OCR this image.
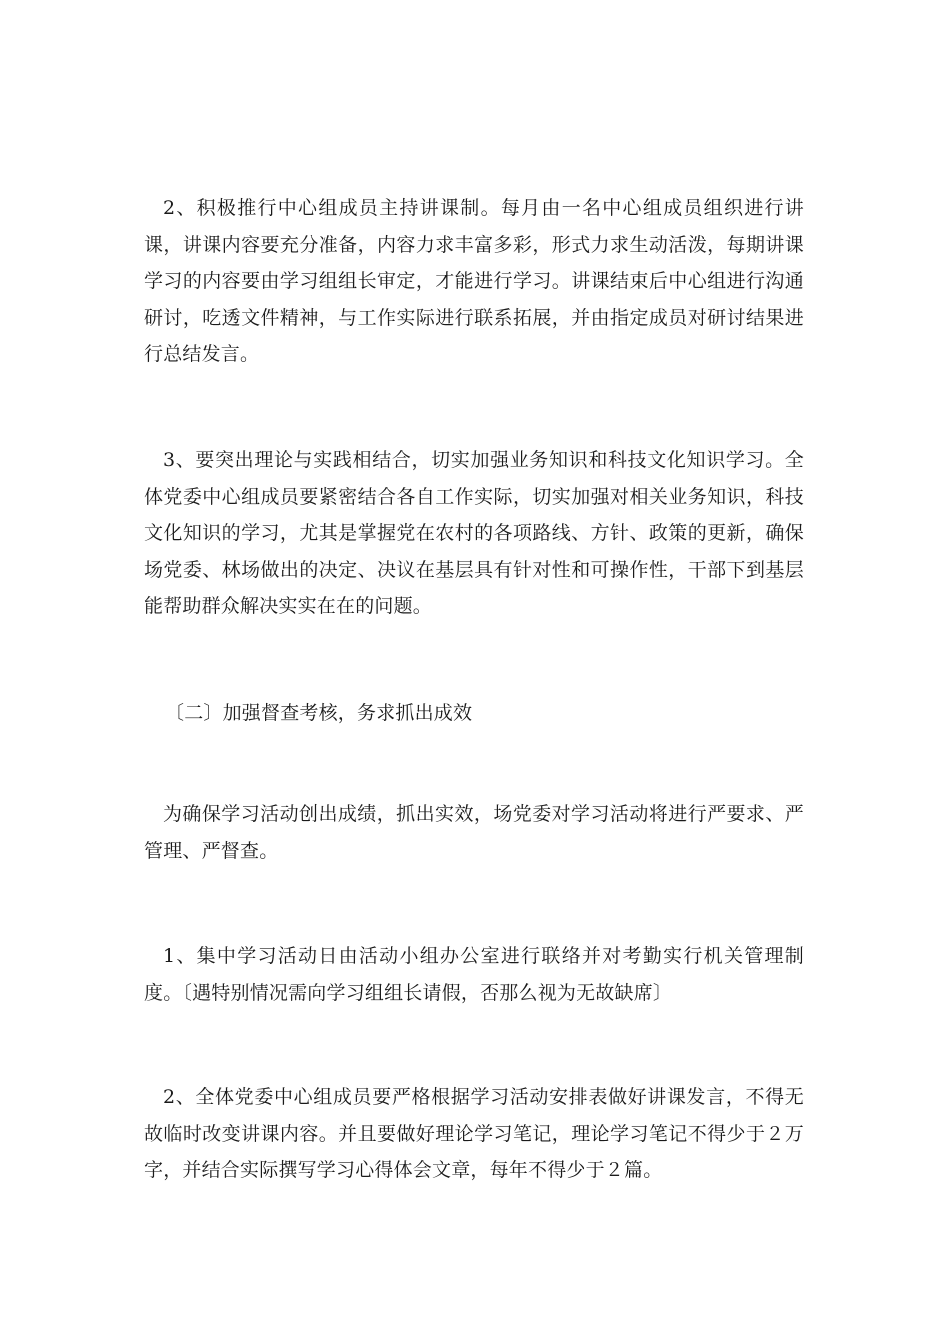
2、积极推行中心组成员主持讲课制。每月由一名中心组成员组织进行讲课，讲课内容要充分准备，内容力求丰富多彩，形式力求生动活泼，每期讲课学习的内容要由学习组组长审定，才能进行学习。讲课结束后中心组进行沟通研讨，吃透文件精神，与工作实际进行联系拓展，并由指定成员对研讨结果进行总结发言。

3、要突出理论与实践相结合，切实加强业务知识和科技文化知识学习。全体党委中心组成员要紧密结合各自工作实际，切实加强对相关业务知识，科技文化知识的学习，尤其是掌握党在农村的各项路线、方针、政策的更新，确保场党委、林场做出的决定、决议在基层具有针对性和可操作性，干部下到基层能帮助群众解决实实在在的问题。

〔二〕加强督查考核，务求抓出成效

为确保学习活动创出成绩，抓出实效，场党委对学习活动将进行严要求、严管理、严督查。

1、集中学习活动日由活动小组办公室进行联络并对考勤实行机关管理制度。〔遇特别情况需向学习组组长请假，否那么视为无故缺席〕

2、全体党委中心组成员要严格根据学习活动安排表做好讲课发言，不得无故临时改变讲课内容。并且要做好理论学习笔记，理论学习笔记不得少于２万字，并结合实际撰写学习心得体会文章，每年不得少于２篇。
